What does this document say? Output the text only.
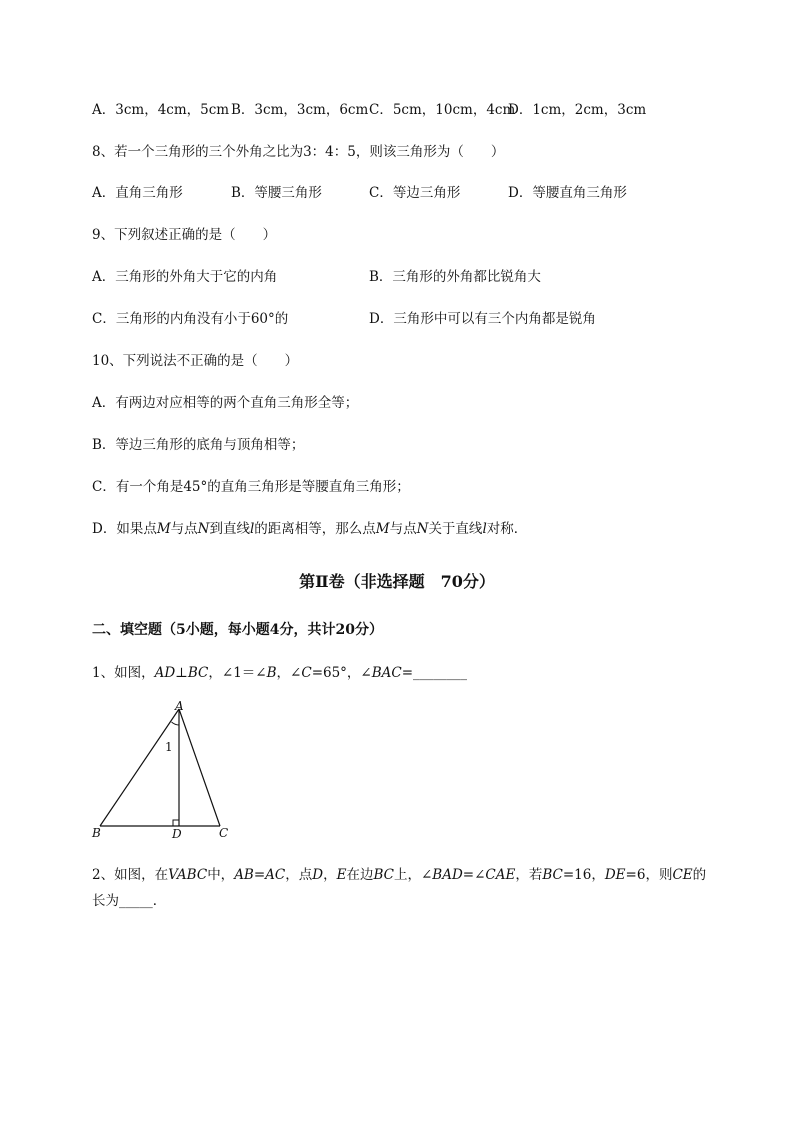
A．3cm，4cm，5cm B．3cm，3cm，6cm C．5cm，10cm，4cm
D．1cm，2cm，3cm
8、若一个三角形的三个外角之比为3：4：5，则该三角形为（　　）
A．直角三角形	B．等腰三角形	C．等边三角形	D．等腰直角三角形
9、下列叙述正确的是（　　）
A．三角形的外角大于它的内角	B．三角形的外角都比锐角大
C．三角形的内角没有小于60°的	D．三角形中可以有三个内角都是锐角
10、下列说法不正确的是（　　）
A．有两边对应相等的两个直角三角形全等；
B．等边三角形的底角与顶角相等；
C．有一个角是45°的直角三角形是等腰直角三角形；
D．如果点M与点N到直线l的距离相等，那么点M与点N关于直线l对称．
第Ⅱ卷（非选择题　70分）
二、填空题（5小题，每小题4分，共计20分）
1、如图，AD⊥BC，∠1＝∠B，∠C=65°，∠BAC=________
A
B	C
D
1
2、如图，在VABC中，AB=AC，点D，E在边BC上，∠BAD=∠CAE，若BC=16，DE=6，则CE的
长为_____．
